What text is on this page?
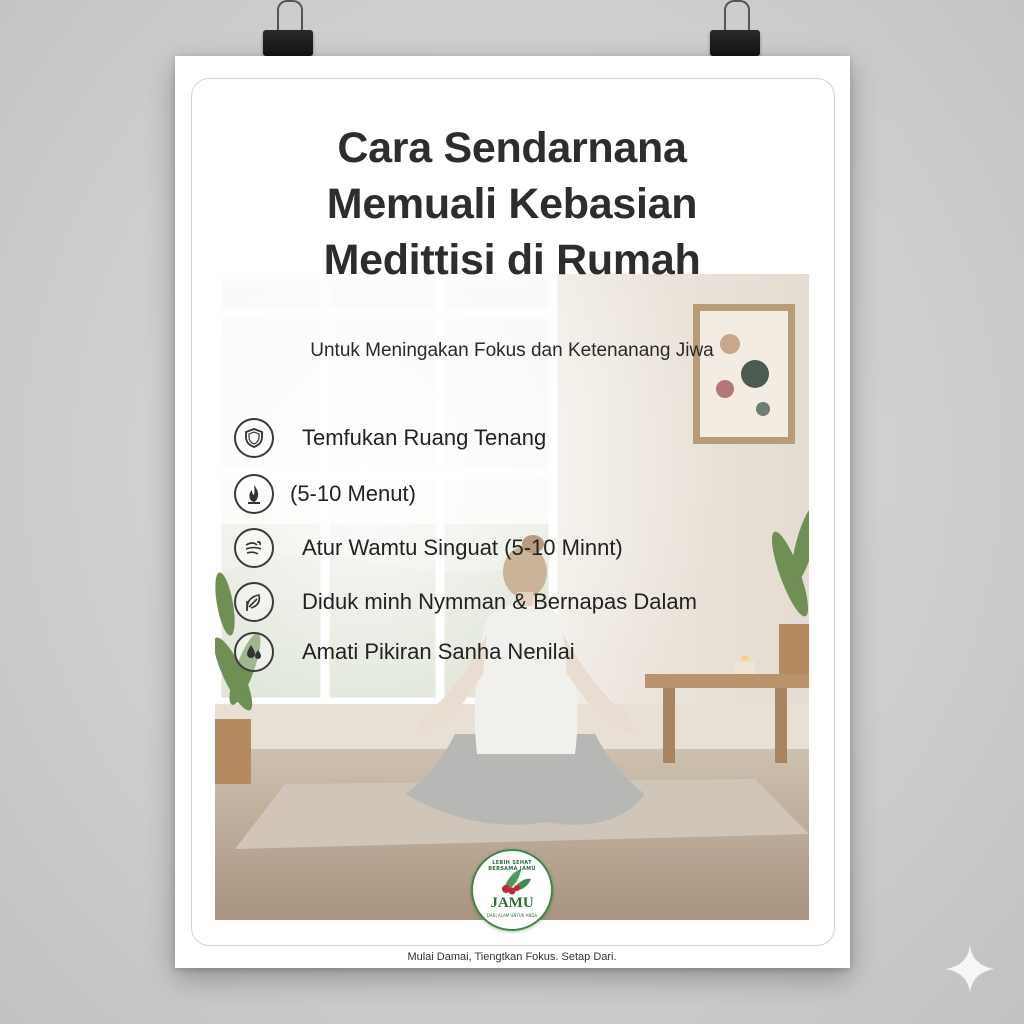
Cara Sendarnana
Memuali Kebasian
Medittisi di Rumah

Untuk Meningakan Fokus dan Ketenanang Jiwa

Temfukan Ruang Tenang
(5-10 Menut)
Atur Wamtu Singuat (5-10 Minnt)
Diduk minh Nymman & Bernapas Dalam
Amati Pikiran Sanha Nenilai
LEBIH SEHAT BERSAMA JAMU
JAMU
DARI ALAM UNTUK ANDA
Mulai Damai, Tiengtkan Fokus. Setap Dari.
